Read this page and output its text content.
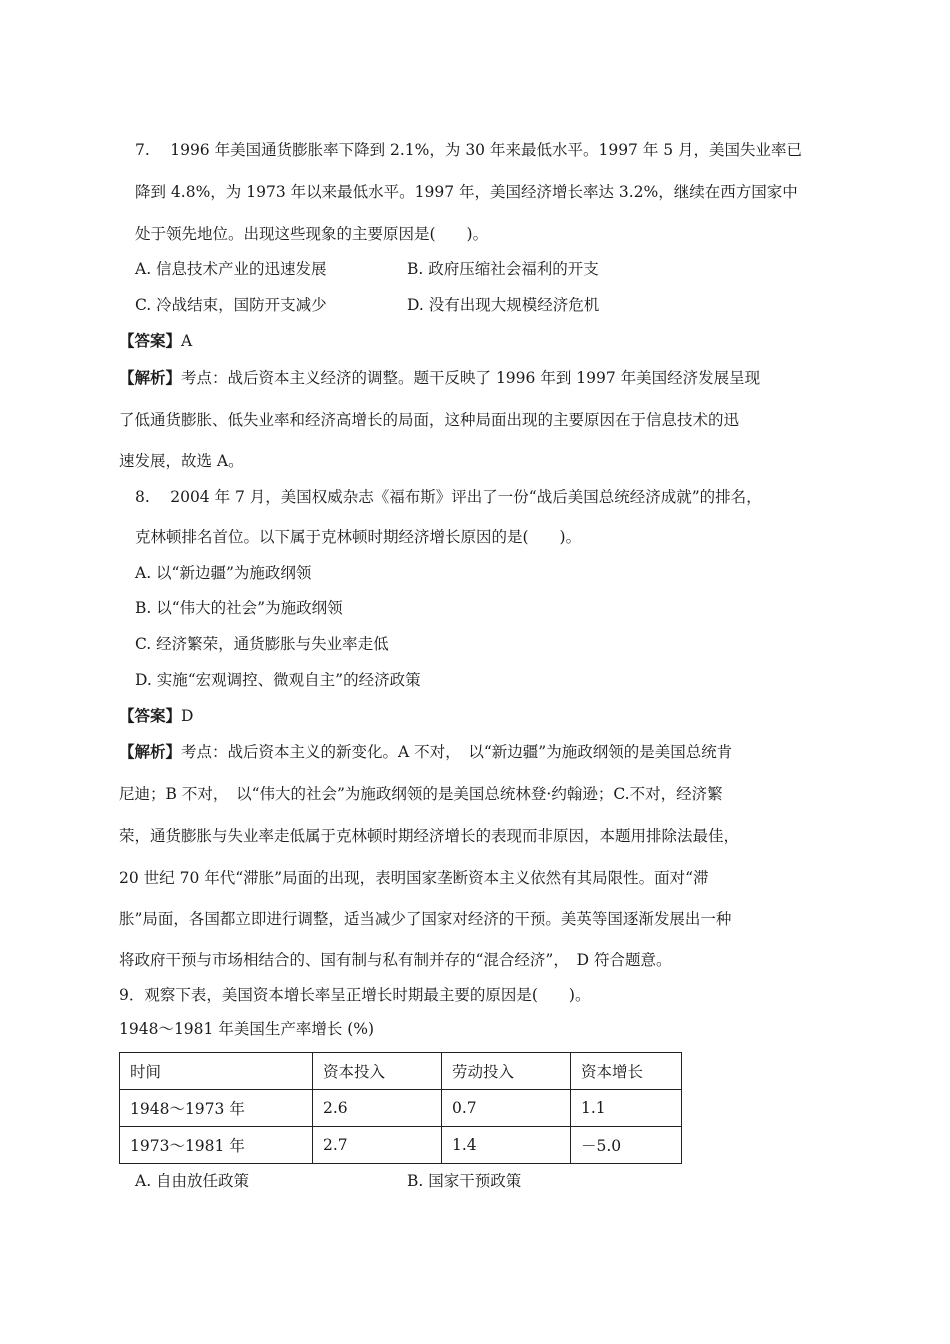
7.　 1996 年美国通货膨胀率下降到 2.1%，为 30 年来最低水平。1997 年 5 月，美国失业率已
降到 4.8%，为 1973 年以来最低水平。1997 年，美国经济增长率达 3.2%，继续在西方国家中
处于领先地位。出现这些现象的主要原因是(　　)。
A. 信息技术产业的迅速发展	B. 政府压缩社会福利的开支
C. 冷战结束，国防开支减少	D. 没有出现大规模经济危机
【答案】A
【解析】考点：战后资本主义经济的调整。题干反映了 1996 年到 1997 年美国经济发展呈现
了低通货膨胀、低失业率和经济高增长的局面，这种局面出现的主要原因在于信息技术的迅
速发展，故选 A。
8.　 2004 年 7 月，美国权威杂志《福布斯》评出了一份“战后美国总统经济成就”的排名，
克林顿排名首位。以下属于克林顿时期经济增长原因的是(　　)。
A. 以“新边疆”为施政纲领
B. 以“伟大的社会”为施政纲领
C. 经济繁荣，通货膨胀与失业率走低
D. 实施“宏观调控、微观自主”的经济政策
【答案】D
【解析】考点：战后资本主义的新变化。A 不对，　以“新边疆”为施政纲领的是美国总统肯
尼迪；B 不对，　以“伟大的社会”为施政纲领的是美国总统林登·约翰逊；C.不对，经济繁
荣，通货膨胀与失业率走低属于克林顿时期经济增长的表现而非原因，本题用排除法最佳，
20 世纪 70 年代“滞胀”局面的出现，表明国家垄断资本主义依然有其局限性。面对“滞
胀”局面，各国都立即进行调整，适当减少了国家对经济的干预。美英等国逐渐发展出一种
将政府干预与市场相结合的、国有制与私有制并存的“混合经济”，　D 符合题意。
9．观察下表，美国资本增长率呈正增长时期最主要的原因是(　　)。
1948～1981 年美国生产率增长 (%)
时间	资本投入	劳动投入	资本增长
1948～1973 年	2.6	0.7	1.1
1973～1981 年	2.7	1.4	－5.0
A. 自由放任政策	B. 国家干预政策
